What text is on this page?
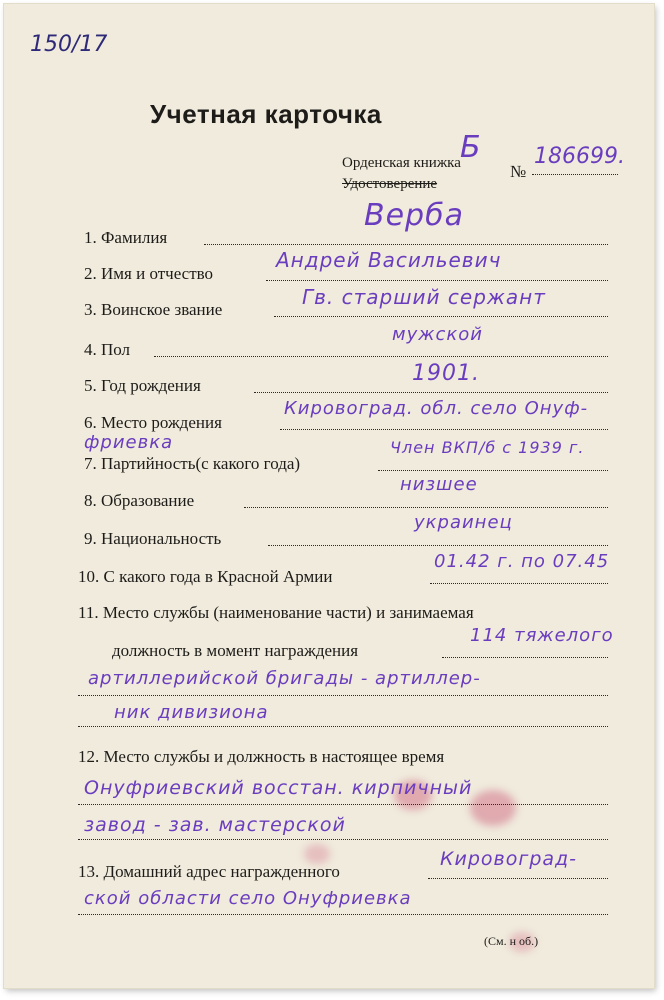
150/17
Учетная карточка
Орденская книжка
Удостоверение
Б
№
186699.
1. Фамилия
Верба
2. Имя и отчество
Андрей Васильевич
3. Воинское звание
Гв. старший сержант
4. Пол
мужской
5. Год рождения	1901.
6. Место рождения
Кировоград. обл. село Онуф-
фриевка
7. Партийность(с какого года)
Член ВКП/б с 1939 г.
8. Образование
низшее
9. Национальность
украинец
10. С какого года в Красной Армии
01.42 г. по 07.45
11. Место службы (наименование части) и занимаемая
должность в момент награждения
114 тяжелого
артиллерийской бригады - артиллер-
ник дивизиона
12. Место службы и должность в настоящее время
Онуфриевский восстан. кирпичный
завод - зав. мастерской
13. Домашний адрес награжденного
Кировоград-
ской области село Онуфриевка
(См. н об.)
